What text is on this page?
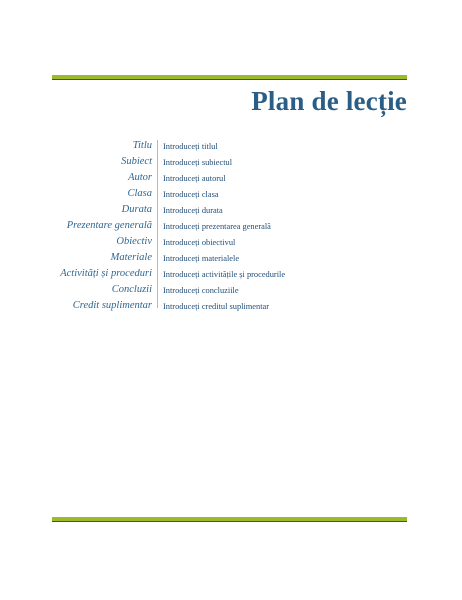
Plan de lecție
Titlu Introduceți titlul
Subiect Introduceți subiectul
Autor Introduceți autorul
Clasa Introduceți clasa
Durata Introduceți durata
Prezentare generală Introduceți prezentarea generală
Obiectiv Introduceți obiectivul
Materiale Introduceți materialele
Activități și proceduri Introduceți activitățile și procedurile
Concluzii Introduceți concluziile
Credit suplimentar Introduceți creditul suplimentar
